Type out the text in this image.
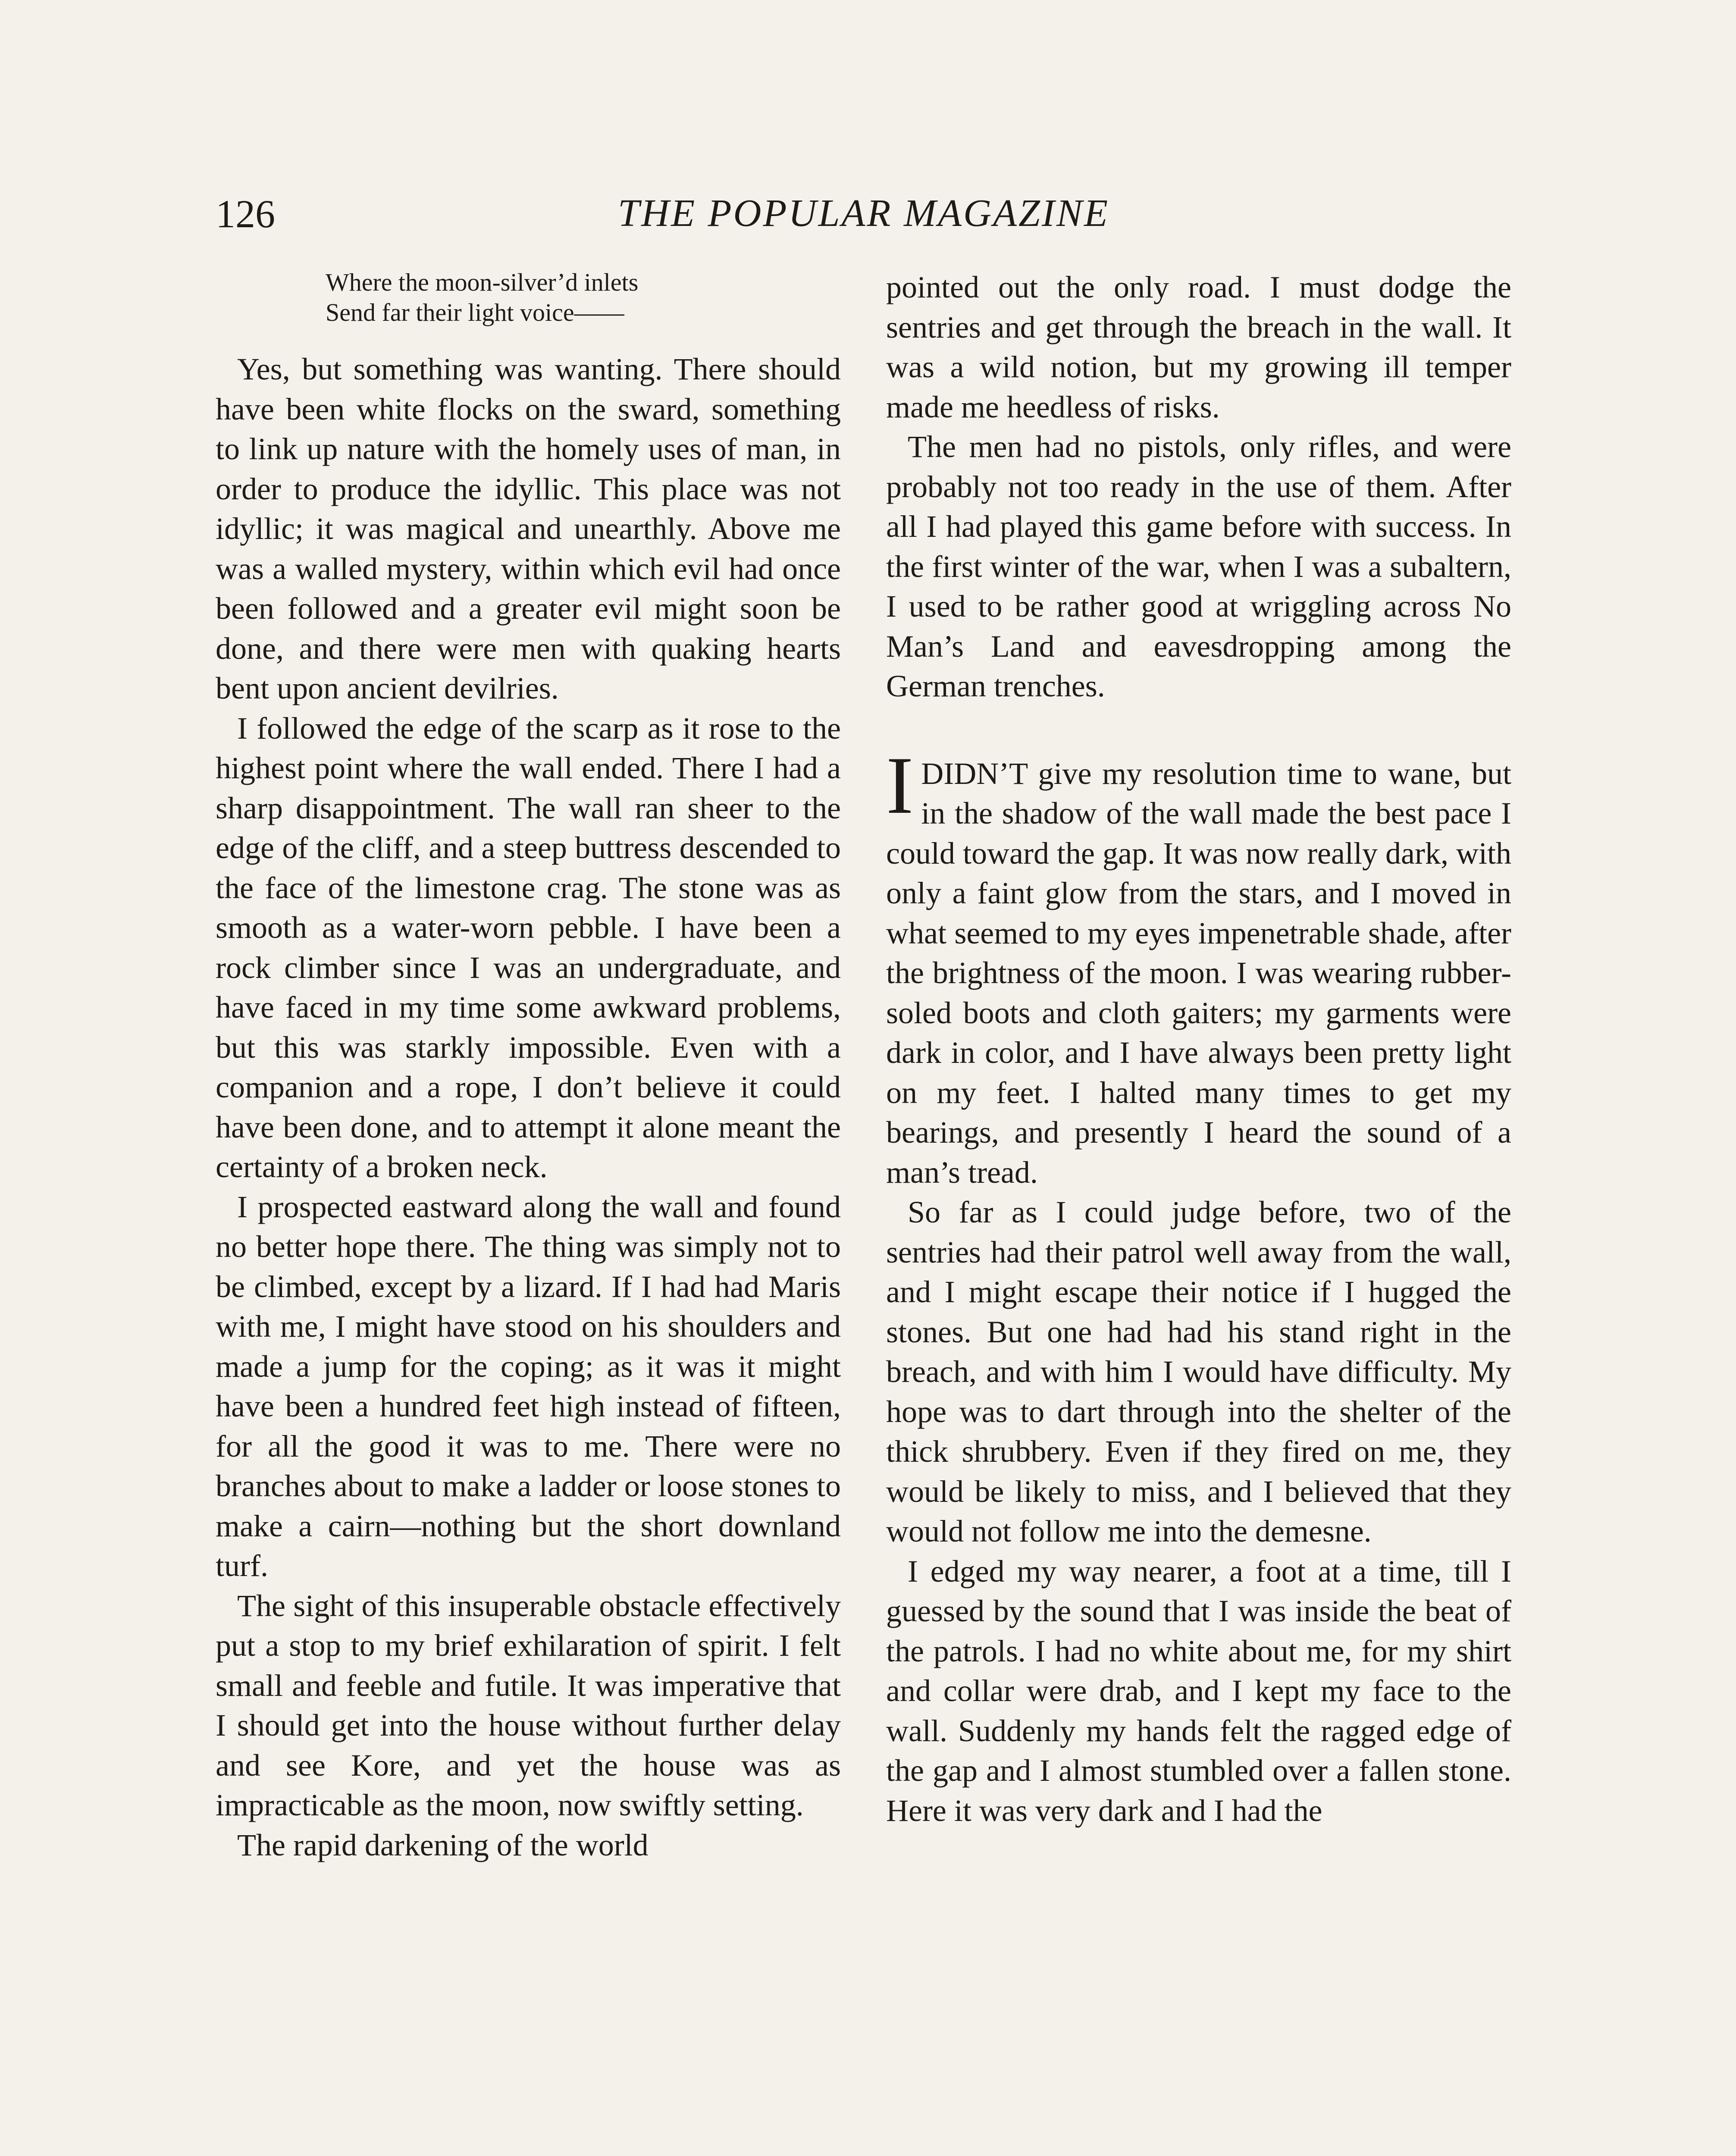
126	THE POPULAR MAGAZINE
Where the moon-silver’d inlets
Send far their light voice——

Yes, but something was wanting. There should have been white flocks on the sward, something to link up nature with the homely uses of man, in order to produce the idyllic. This place was not idyllic; it was magical and unearthly. Above me was a walled mystery, within which evil had once been followed and a greater evil might soon be done, and there were men with quaking hearts bent upon ancient devilries.

I followed the edge of the scarp as it rose to the highest point where the wall ended. There I had a sharp disappointment. The wall ran sheer to the edge of the cliff, and a steep buttress descended to the face of the limestone crag. The stone was as smooth as a water-worn pebble. I have been a rock climber since I was an undergraduate, and have faced in my time some awkward problems, but this was starkly impossible. Even with a companion and a rope, I don’t believe it could have been done, and to attempt it alone meant the certainty of a broken neck.

I prospected eastward along the wall and found no better hope there. The thing was simply not to be climbed, except by a lizard. If I had had Maris with me, I might have stood on his shoulders and made a jump for the coping; as it was it might have been a hundred feet high instead of fifteen, for all the good it was to me. There were no branches about to make a ladder or loose stones to make a cairn—nothing but the short downland turf.

The sight of this insuperable obstacle effectively put a stop to my brief exhilaration of spirit. I felt small and feeble and futile. It was imperative that I should get into the house without further delay and see Kore, and yet the house was as impracticable as the moon, now swiftly setting.

The rapid darkening of the world

pointed out the only road. I must dodge the sentries and get through the breach in the wall. It was a wild notion, but my growing ill temper made me heedless of risks.

The men had no pistols, only rifles, and were probably not too ready in the use of them. After all I had played this game before with success. In the first winter of the war, when I was a subaltern, I used to be rather good at wriggling across No Man’s Land and eavesdropping among the German trenches.

IDIDN’T give my resolution time to wane, but in the shadow of the wall made the best pace I could toward the gap. It was now really dark, with only a faint glow from the stars, and I moved in what seemed to my eyes impenetrable shade, after the brightness of the moon. I was wearing rubber-soled boots and cloth gaiters; my garments were dark in color, and I have always been pretty light on my feet. I halted many times to get my bearings, and presently I heard the sound of a man’s tread.

So far as I could judge before, two of the sentries had their patrol well away from the wall, and I might escape their notice if I hugged the stones. But one had had his stand right in the breach, and with him I would have difficulty. My hope was to dart through into the shelter of the thick shrubbery. Even if they fired on me, they would be likely to miss, and I believed that they would not follow me into the demesne.

I edged my way nearer, a foot at a time, till I guessed by the sound that I was inside the beat of the patrols. I had no white about me, for my shirt and collar were drab, and I kept my face to the wall. Suddenly my hands felt the ragged edge of the gap and I almost stumbled over a fallen stone. Here it was very dark and I had the
